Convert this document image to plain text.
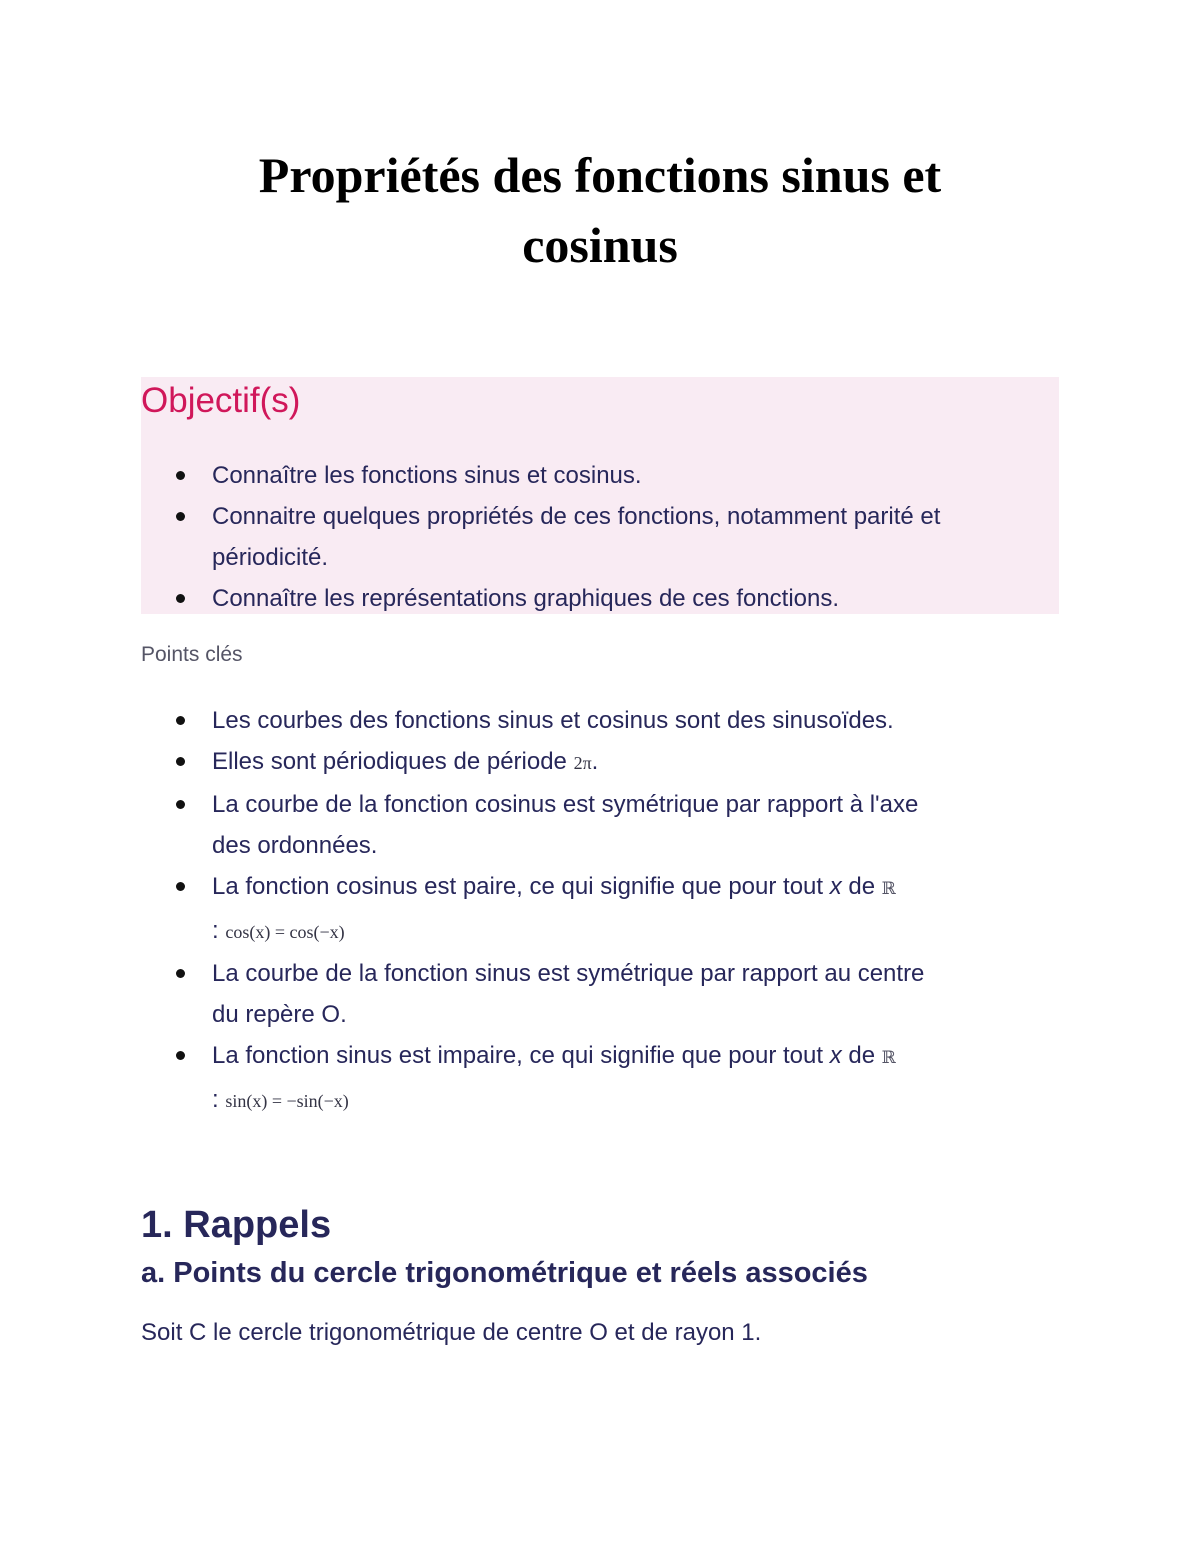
Propriétés des fonctions sinus et
cosinus
Objectif(s)
Connaître les fonctions sinus et cosinus.
Connaitre quelques propriétés de ces fonctions, notamment parité et
périodicité.
Connaître les représentations graphiques de ces fonctions.

Points clés

Les courbes des fonctions sinus et cosinus sont des sinusoïdes.
Elles sont périodiques de période 2π.
La courbe de la fonction cosinus est symétrique par rapport à l'axe
des ordonnées.
La fonction cosinus est paire, ce qui signifie que pour tout x de ℝ
: cos(x) = cos(−x)
La courbe de la fonction sinus est symétrique par rapport au centre
du repère O.
La fonction sinus est impaire, ce qui signifie que pour tout x de ℝ
: sin(x) = −sin(−x)
1. Rappels
a. Points du cercle trigonométrique et réels associés

Soit C le cercle trigonométrique de centre O et de rayon 1.
